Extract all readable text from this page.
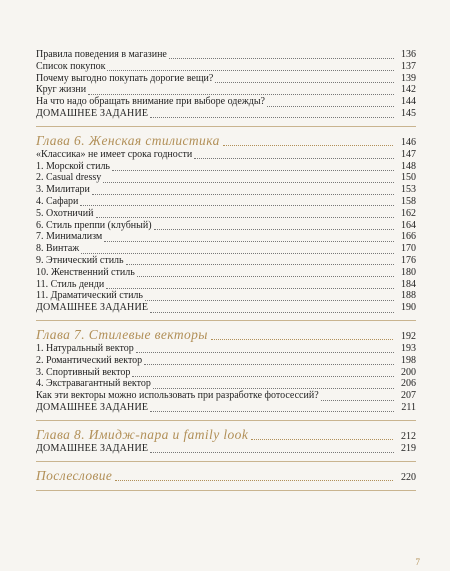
Правила поведения в магазине	136
Список покупок	137
Почему выгодно покупать дорогие вещи?	139
Круг жизни	142
На что надо обращать внимание при выборе одежды?	144
ДОМАШНЕЕ ЗАДАНИЕ	145
Глава 6. Женская стилистика	146
«Классика» не имеет срока годности	147
1. Морской стиль	148
2. Casual dressy	150
3. Милитари	153
4. Сафари	158
5. Охотничий	162
6. Стиль преппи (клубный)	164
7. Минимализм	166
8. Винтаж	170
9. Этнический стиль	176
10. Женственний стиль	180
11. Стиль денди	184
11. Драматический стиль	188
ДОМАШНЕЕ ЗАДАНИЕ	190
Глава 7. Стилевые векторы	192
1. Натуральный вектор	193
2. Романтический вектор	198
3. Спортивный вектор	200
4. Экстравагантный вектор	206
Как эти векторы можно использовать при разработке фотосессий?	207
ДОМАШНЕЕ ЗАДАНИЕ	211
Глава 8. Имидж-пара и family look	212
ДОМАШНЕЕ ЗАДАНИЕ	219
Послесловие	220
7
